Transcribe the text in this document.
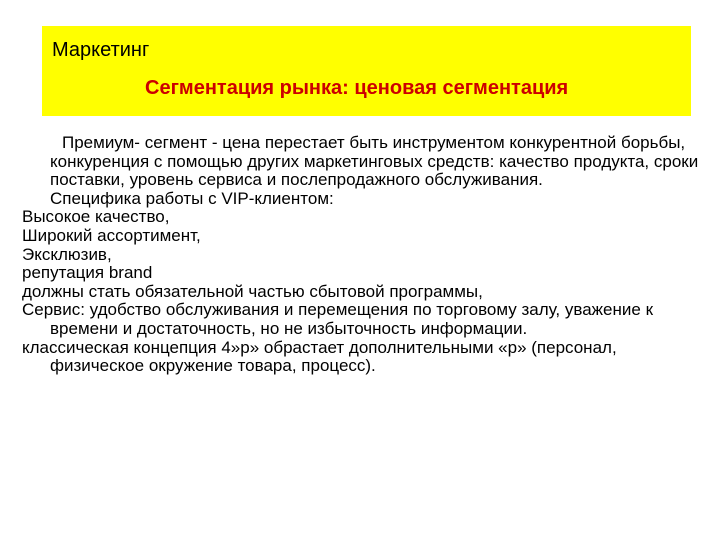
Маркетинг
Сегментация рынка: ценовая сегментация

Премиум- сегмент - цена перестает быть инструментом конкурентной борьбы, конкуренция с помощью других маркетинговых средств: качество продукта, сроки поставки, уровень сервиса и послепродажного обслуживания.

Специфика работы с VIP-клиентом:

Высокое качество,

Широкий ассортимент,

Эксклюзив,

репутация brand

должны стать обязательной частью сбытовой программы,

Сервис: удобство обслуживания и перемещения по торговому залу, уважение к времени и достаточность, но не избыточность информации.

классическая концепция 4»р» обрастает дополнительными «р» (персонал, физическое окружение товара, процесс).
